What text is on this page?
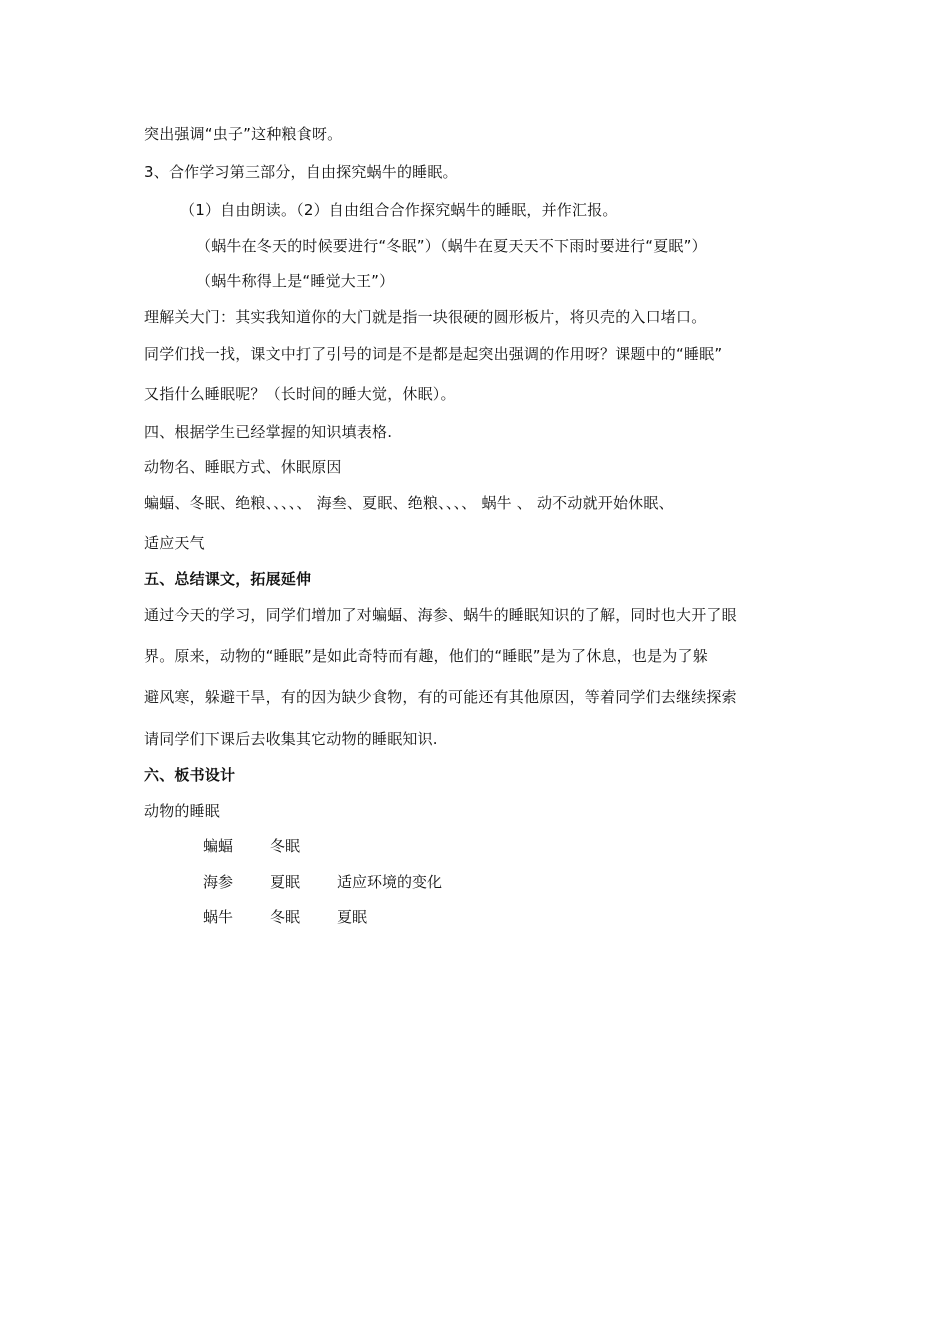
突出强调“虫子”这种粮食呀。
3、合作学习第三部分，自由探究蜗牛的睡眠。
（1）自由朗读。（2）自由组合合作探究蜗牛的睡眠，并作汇报。
（蜗牛在冬天的时候要进行“冬眠”）（蜗牛在夏天天不下雨时要进行“夏眠”）
（蜗牛称得上是“睡觉大王”）
理解关大门：其实我知道你的大门就是指一块很硬的圆形板片，将贝壳的入口堵口。
同学们找一找，课文中打了引号的词是不是都是起突出强调的作用呀？课题中的“睡眠”
又指什么睡眠呢？（长时间的睡大觉，休眠）。
四、根据学生已经掌握的知识填表格.
动物名、睡眠方式、休眠原因
蝙蝠、冬眠、绝粮、、、、、 海叁、夏眠、绝粮、、、、 蜗牛 、 动不动就开始休眠、
适应天气
五、总结课文，拓展延伸
通过今天的学习，同学们增加了对蝙蝠、海参、蜗牛的睡眠知识的了解，同时也大开了眼
界。原来，动物的“睡眠”是如此奇特而有趣，他们的“睡眠”是为了休息，也是为了躲
避风寒，躲避干旱，有的因为缺少食物，有的可能还有其他原因，等着同学们去继续探索
请同学们下课后去收集其它动物的睡眠知识.
六、板书设计
动物的睡眠
蝙蝠 冬眠
海参 夏眠 适应环境的变化
蜗牛 冬眠 夏眠
